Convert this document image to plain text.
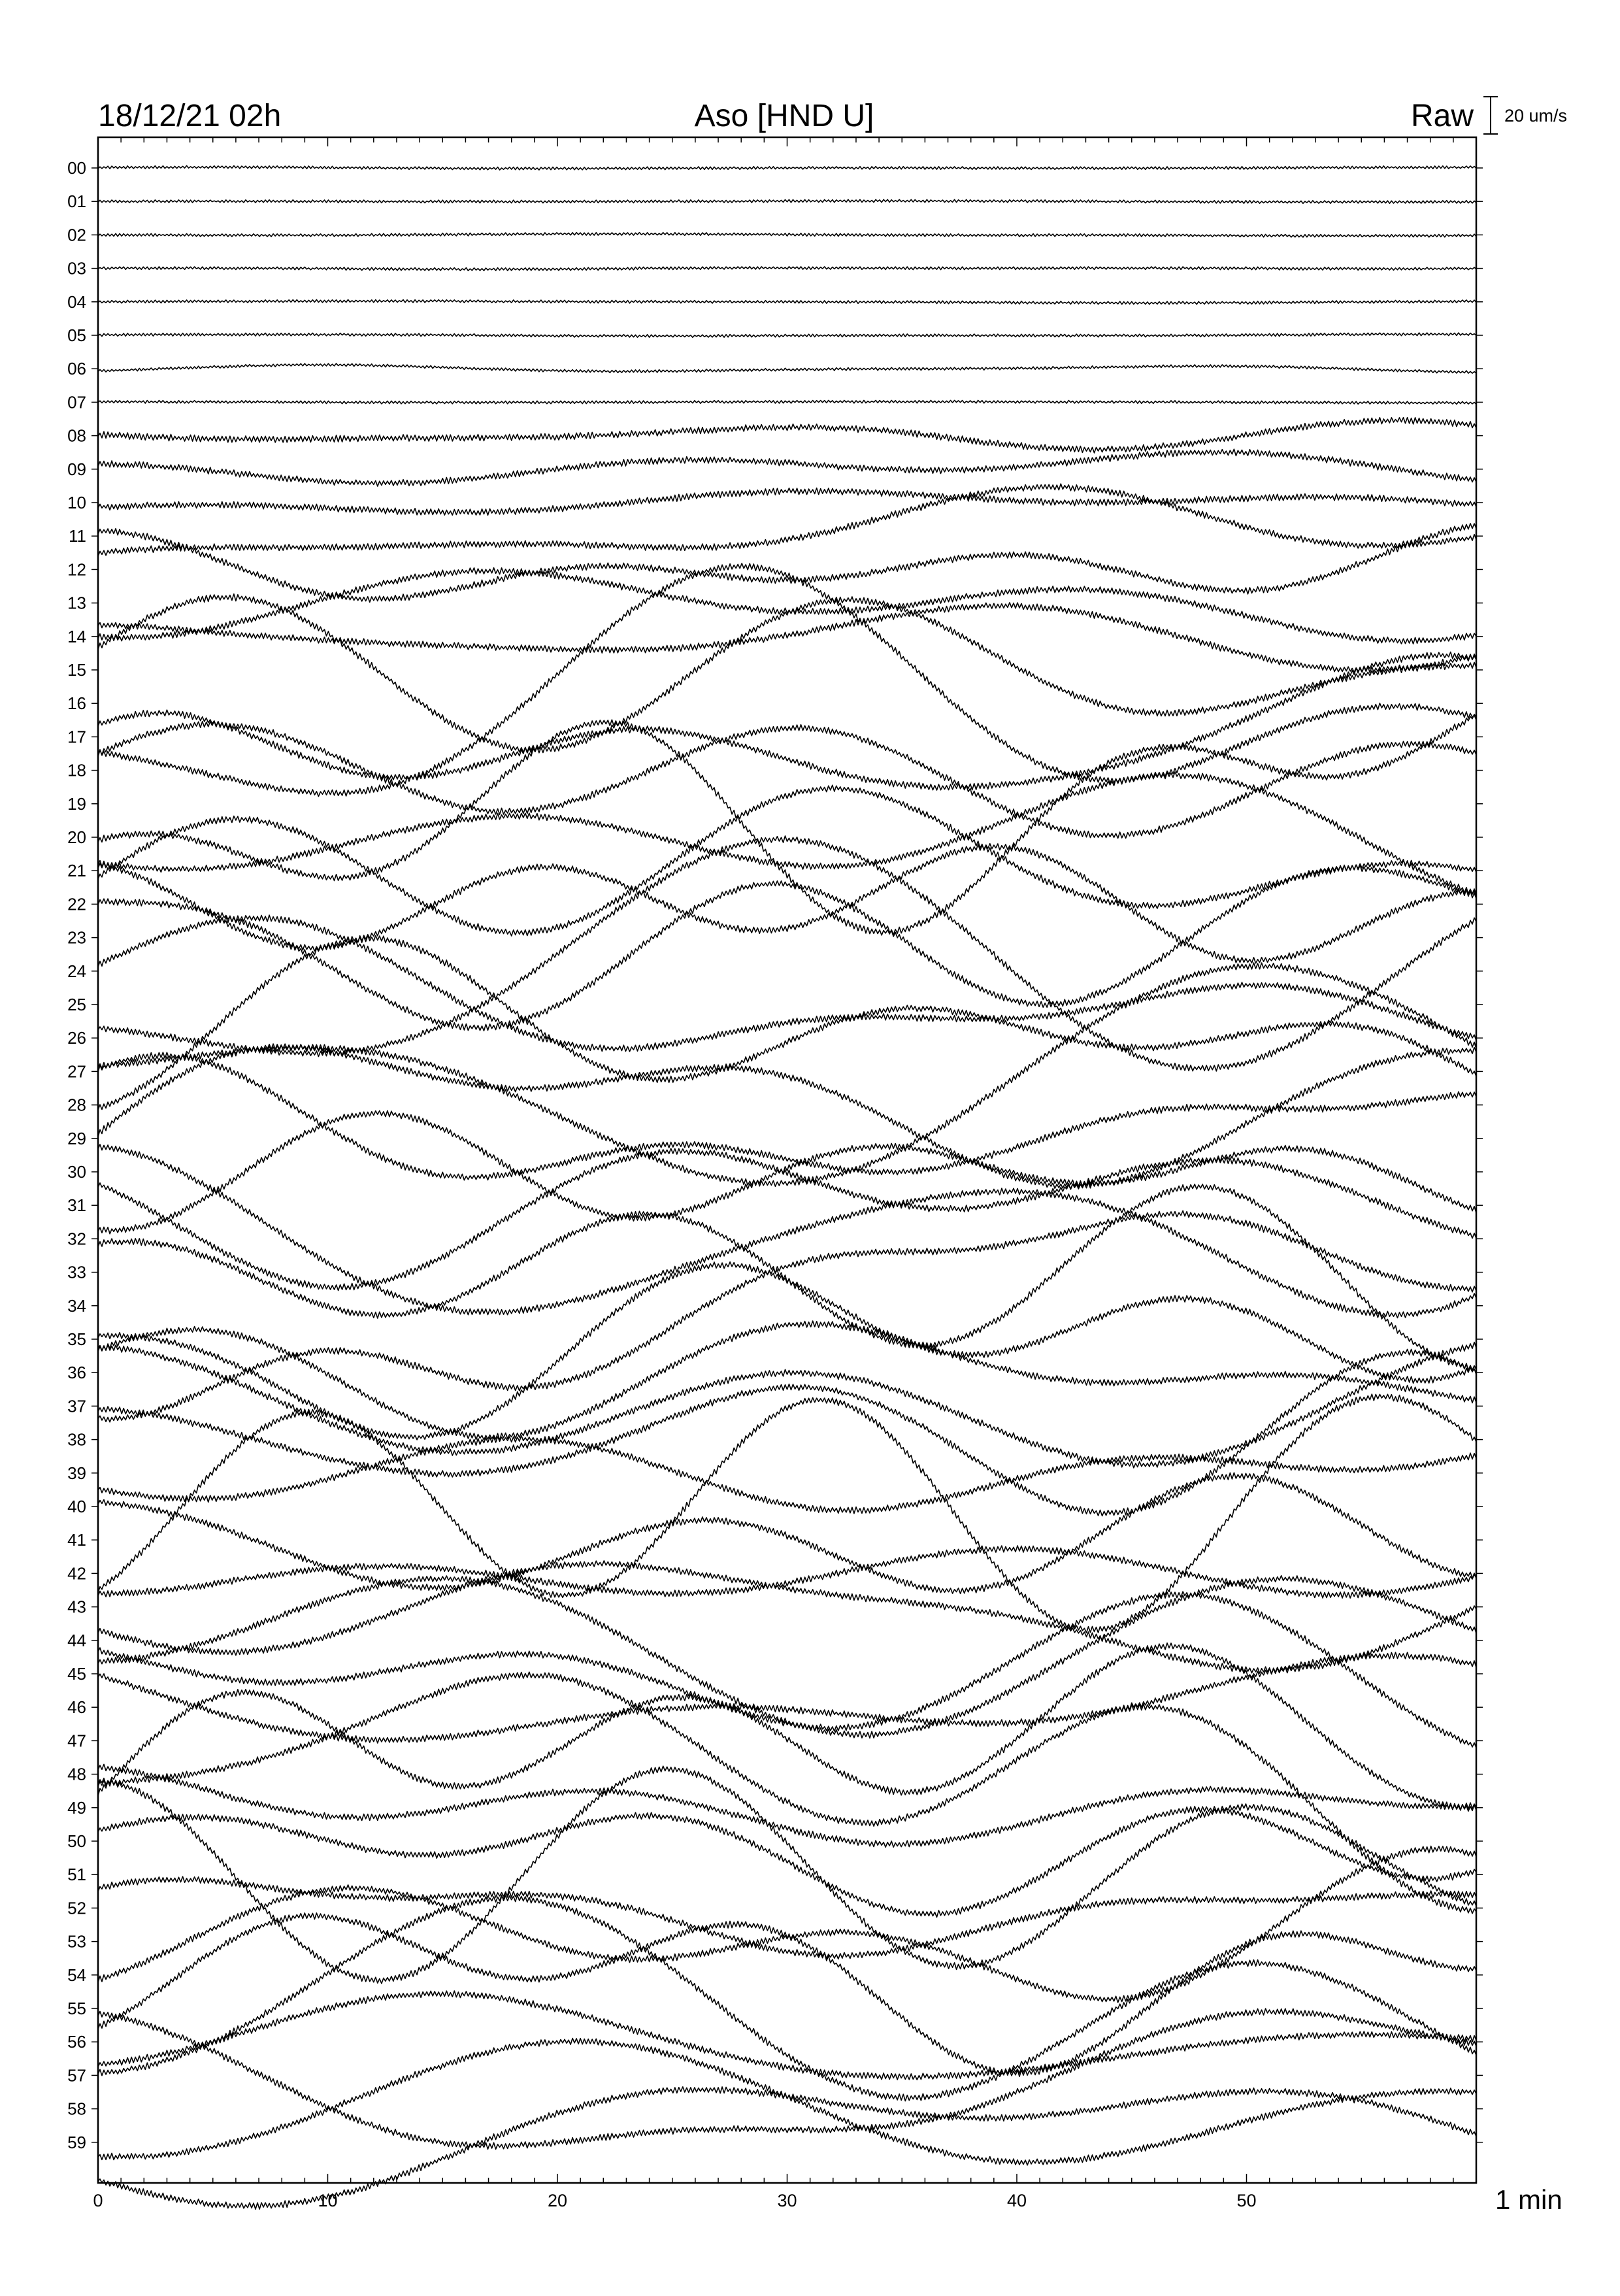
18/12/21 02h	Aso [HND U]	Raw 20 um/s
00
01
02
03
04
05
06
07
08
09
10
11
12
13
14
15
16
17
18
19
20
21
22
23
24
25
26
27
28
29
30
31
32
33
34
35
36
37
38
39
40
41
42
43
44
45
46
47
48
49
50
51
52
53
54
55
56
57
58
59
0	10	20	30	40	50	1 min
